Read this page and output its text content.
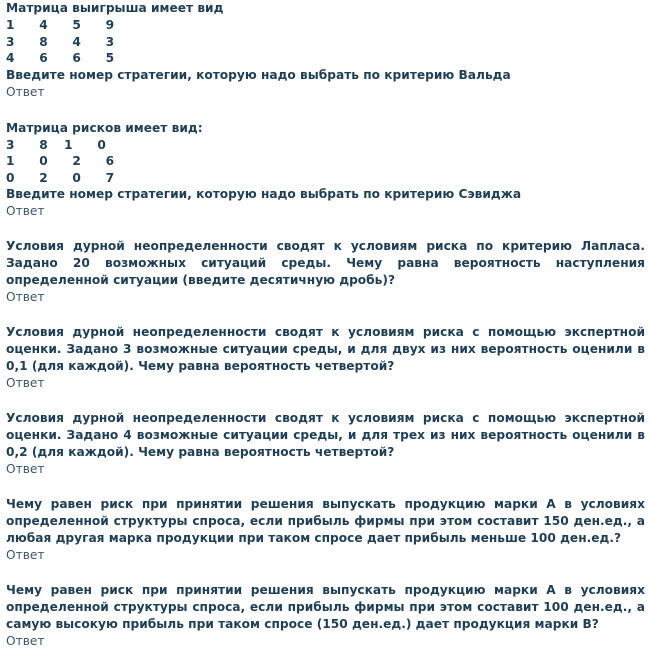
Матрица выигрыша имеет вид

1   4   5   9

3   8   4   3

4   6   6   5

Введите номер стратегии, которую надо выбрать по критерию Вальда

Ответ

Матрица рисков имеет вид:

3   8  1   0

1   0   2   6

0   2   0   7

Введите номер стратегии, которую надо выбрать по критерию Сэвиджа

Ответ

Условия дурной неопределенности сводят к условиям риска по критерию Лапласа. Задано 20 возможных ситуаций среды. Чему равна вероятность наступления определенной ситуации (введите десятичную дробь)?

Ответ

Условия дурной неопределенности сводят к условиям риска с помощью экспертной оценки. Задано 3 возможные ситуации среды, и для двух из них вероятность оценили в 0,1 (для каждой). Чему равна вероятность четвертой?

Ответ

Условия дурной неопределенности сводят к условиям риска с помощью экспертной оценки. Задано 4 возможные ситуации среды, и для трех из них вероятность оценили в 0,2 (для каждой). Чему равна вероятность четвертой?

Ответ

Чему равен риск при принятии решения выпускать продукцию марки А в условиях определенной структуры спроса, если прибыль фирмы при этом составит 150 ден.ед., а любая другая марка продукции при таком спросе дает прибыль меньше 100 ден.ед.?

Ответ

Чему равен риск при принятии решения выпускать продукцию марки А в условиях определенной структуры спроса, если прибыль фирмы при этом составит 100 ден.ед., а самую высокую прибыль при таком спросе (150 ден.ед.) дает продукция марки В?

Ответ
